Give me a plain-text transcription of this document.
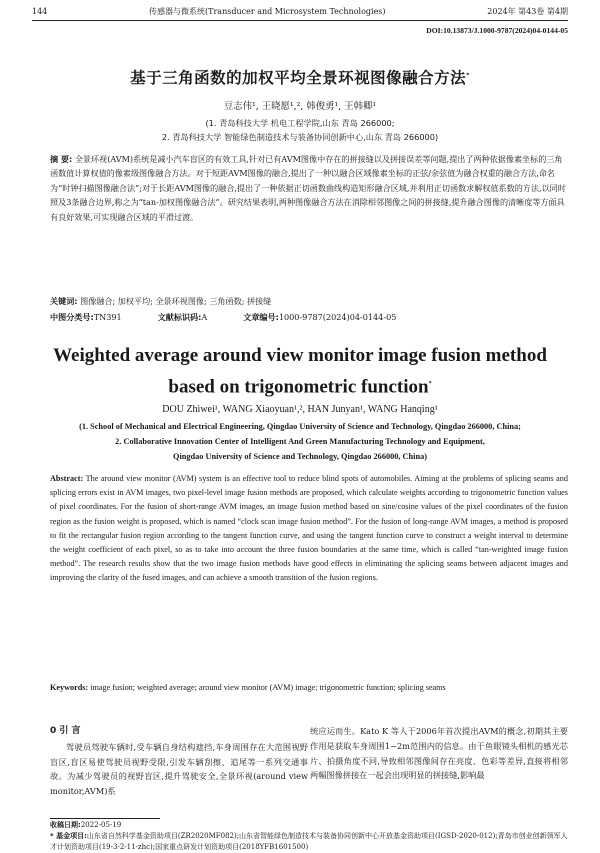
144	传感器与微系统(Transducer and Microsystem Technologies)	2024年 第43卷 第4期
DOI:10.13873/J.1000-9787(2024)04-0144-05
基于三角函数的加权平均全景环视图像融合方法*
豆志伟¹, 王晓愿¹,², 韩俊勇¹, 王韩卿¹
(1. 青岛科技大学 机电工程学院,山东 青岛 266000;
2. 青岛科技大学 智能绿色制造技术与装备协同创新中心,山东 青岛 266000)
摘 要: 全景环视(AVM)系统是减小汽车盲区的有效工具,针对已有AVM图像中存在的拼接缝以及拼接误差等问题,提出了两种依据像素坐标的三角函数值计算权值的像素级图像融合方法。对于短距AVM图像的融合,提出了一种以融合区域像素坐标的正弦/余弦值为融合权重的融合方法,命名为“时钟扫描图像融合法”;对于长距AVM图像的融合,提出了一种依据正切函数曲线构造矩形融合区域,并利用正切函数求解权值系数的方法,以同时照及3条融合边界,称之为“tan-加权图像融合法”。研究结果表明,两种图像融合方法在消除相邻图像之间的拼接缝,提升融合图像的清晰度等方面具有良好效果,可实现融合区域的平滑过渡。
关键词: 图像融合; 加权平均; 全景环视图像; 三角函数; 拼接缝
中图分类号:TN391	文献标识码:A	文章编号:1000-9787(2024)04-0144-05
Weighted average around view monitor image fusion method based on trigonometric function*
DOU Zhiwei¹, WANG Xiaoyuan¹,², HAN Junyan¹, WANG Hanqing¹
(1. School of Mechanical and Electrical Engineering, Qingdao University of Science and Technology, Qingdao 266000, China;
2. Collaborative Innovation Center of Intelligent And Green Manufacturing Technology and Equipment,
Qingdao University of Science and Technology, Qingdao 266000, China)
Abstract: The around view monitor (AVM) system is an effective tool to reduce blind spots of automobiles. Aiming at the problems of splicing seams and splicing errors exist in AVM images, two pixel-level image fusion methods are proposed, which calculate weights according to trigonometric function values of pixel coordinates. For the fusion of short-range AVM images, an image fusion method based on sine/cosine values of the pixel coordinates of the fusion region as the fusion weight is proposed, which is named “clock scan image fusion method”. For the fusion of long-range AVM images, a method is proposed to fit the rectangular fusion region according to the tangent function curve, and using the tangent function curve to construct a weight interval to determine the weight coefficient of each pixel, so as to take into account the three fusion boundaries at the same time, which is called “tan-weighted image fusion method”. The research results show that the two image fusion methods have good effects in eliminating the splicing seams between adjacent images and improving the clarity of the fused images, and can achieve a smooth transition of the fusion regions.
Keywords: image fusion; weighted average; around view monitor (AVM) image; trigonometric function; splicing seams
0 引 言
驾驶员驾驶车辆时,受车辆自身结构遮挡,车身周围存在大范围视野盲区,盲区易使驾驶员视野受限,引发车辆刮擦、追尾等一系列交通事故。为减少驾驶员的视野盲区,提升驾驶安全,全景环视(around view monitor,AVM)系
统应运而生。Kato K 等人于2006年首次提出AVM的概念,初期其主要作用是获取车身周围1~2m范围内的信息。由于鱼眼镜头相机的感光芯片、拍摄角度不同,导致相邻图像间存在亮度、色彩等差异,直接将相邻两幅图像拼接在一起会出现明显的拼接缝,影响最
收稿日期:2022-05-19
* 基金项目:山东省自然科学基金资助项目(ZR2020MF082);山东省智能绿色制造技术与装备协同创新中心开放基金资助项目(IGSD-2020-012);青岛市创业创新领军人才计划资助项目(19-3-2-11-zhc);国家重点研发计划资助项目(2018YFB1601500)
